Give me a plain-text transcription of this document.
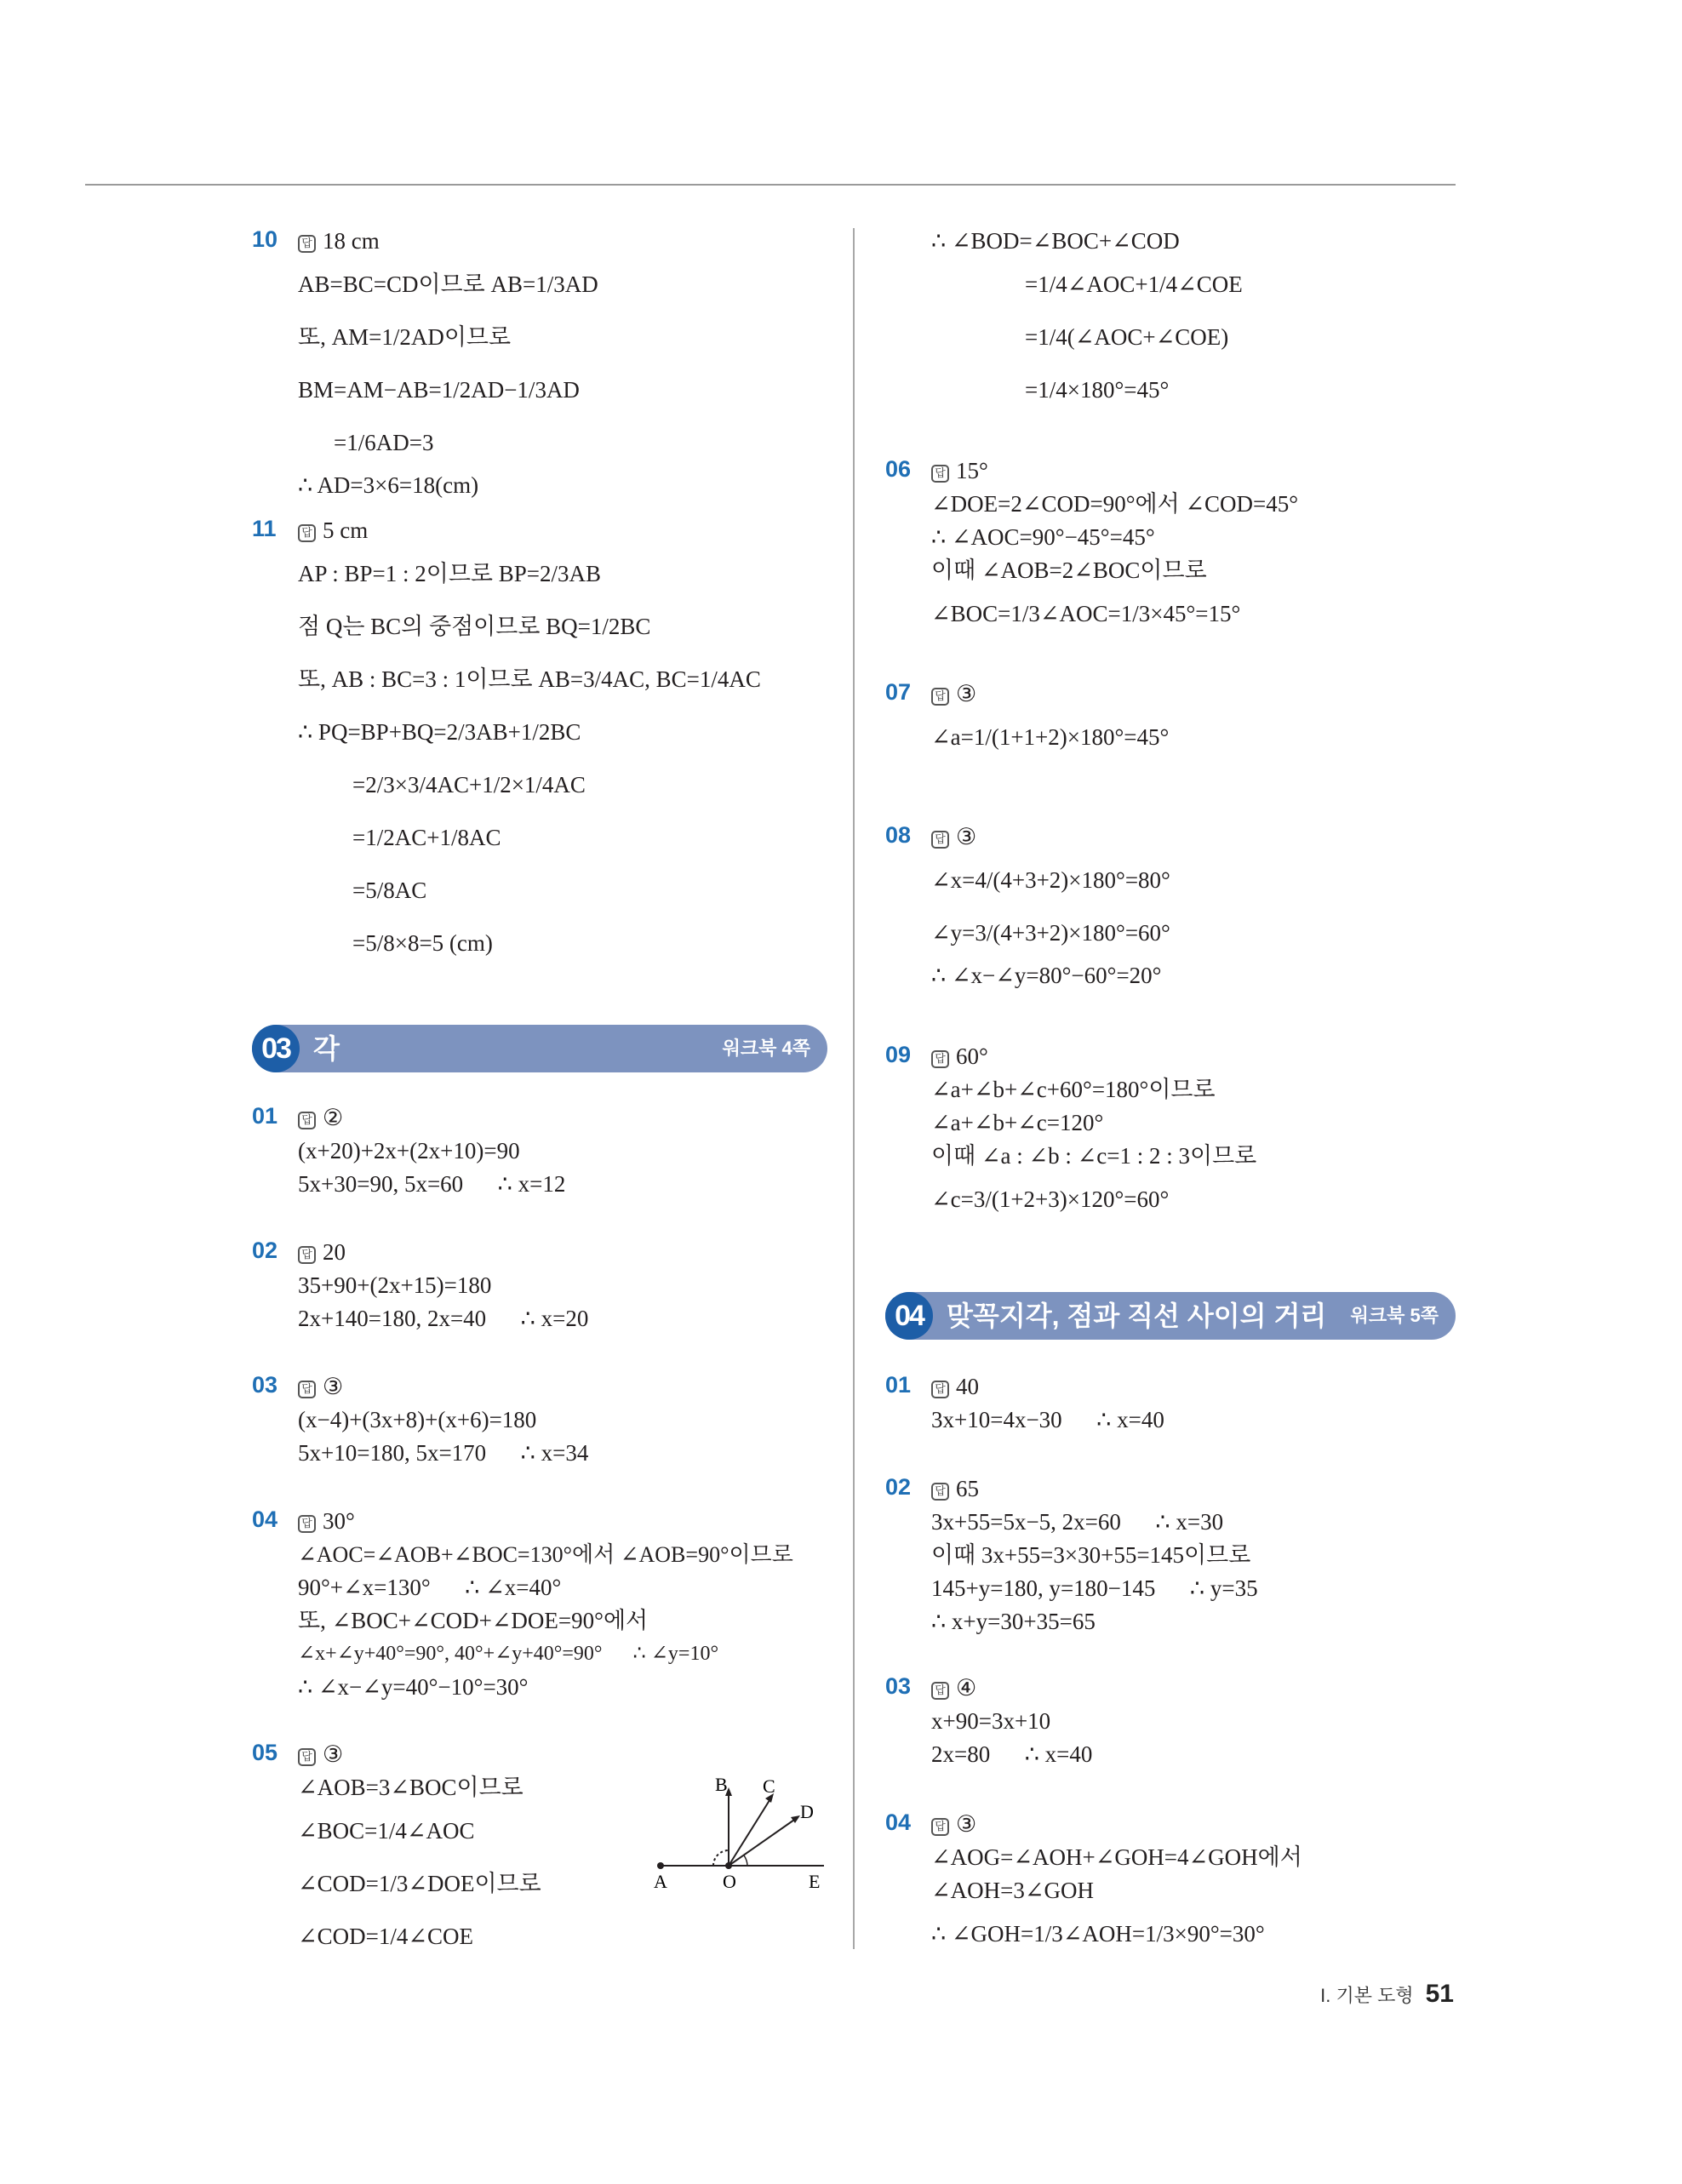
10	답 18 cm
AB=BC=CD이므로 AB=1/3AD
또, AM=1/2AD이므로
BM=AM−AB=1/2AD−1/3AD
=1/6AD=3
∴ AD=3×6=18(cm)
11	답 5 cm
AP : BP=1 : 2이므로 BP=2/3AB
점 Q는 BC의 중점이므로 BQ=1/2BC
또, AB : BC=3 : 1이므로 AB=3/4AC, BC=1/4AC
∴ PQ=BP+BQ=2/3AB+1/2BC
=2/3×3/4AC+1/2×1/4AC
=1/2AC+1/8AC
=5/8AC
=5/8×8=5 (cm)
03 각	워크북 4쪽
01	답 ②
(x+20)+2x+(2x+10)=90
5x+30=90, 5x=60      ∴ x=12
02	답 20
35+90+(2x+15)=180
2x+140=180, 2x=40      ∴ x=20
03	답 ③
(x−4)+(3x+8)+(x+6)=180
5x+10=180, 5x=170      ∴ x=34
04	답 30°
∠AOC=∠AOB+∠BOC=130°에서 ∠AOB=90°이므로
90°+∠x=130°      ∴ ∠x=40°
또, ∠BOC+∠COD+∠DOE=90°에서
∠x+∠y+40°=90°, 40°+∠y+40°=90°      ∴ ∠y=10°
∴ ∠x−∠y=40°−10°=30°
05	답 ③
∠AOB=3∠BOC이므로
∠BOC=1/4∠AOC
∠COD=1/3∠DOE이므로
∠COD=1/4∠COE
A	O	E
B C
D
∴ ∠BOD=∠BOC+∠COD
=1/4∠AOC+1/4∠COE
=1/4(∠AOC+∠COE)
=1/4×180°=45°
06	답 15°
∠DOE=2∠COD=90°에서 ∠COD=45°
∴ ∠AOC=90°−45°=45°
이때 ∠AOB=2∠BOC이므로
∠BOC=1/3∠AOC=1/3×45°=15°
07	답 ③
∠a=1/(1+1+2)×180°=45°
08	답 ③
∠x=4/(4+3+2)×180°=80°
∠y=3/(4+3+2)×180°=60°
∴ ∠x−∠y=80°−60°=20°
09	답 60°
∠a+∠b+∠c+60°=180°이므로
∠a+∠b+∠c=120°
이때 ∠a : ∠b : ∠c=1 : 2 : 3이므로
∠c=3/(1+2+3)×120°=60°
04 맞꼭지각, 점과 직선 사이의 거리 워크북 5쪽
01	답 40
3x+10=4x−30      ∴ x=40
02	답 65
3x+55=5x−5, 2x=60      ∴ x=30
이때 3x+55=3×30+55=145이므로
145+y=180, y=180−145      ∴ y=35
∴ x+y=30+35=65
03	답 ④
x+90=3x+10
2x=80      ∴ x=40
04	답 ③
∠AOG=∠AOH+∠GOH=4∠GOH에서
∠AOH=3∠GOH
∴ ∠GOH=1/3∠AOH=1/3×90°=30°
I. 기본 도형 51
